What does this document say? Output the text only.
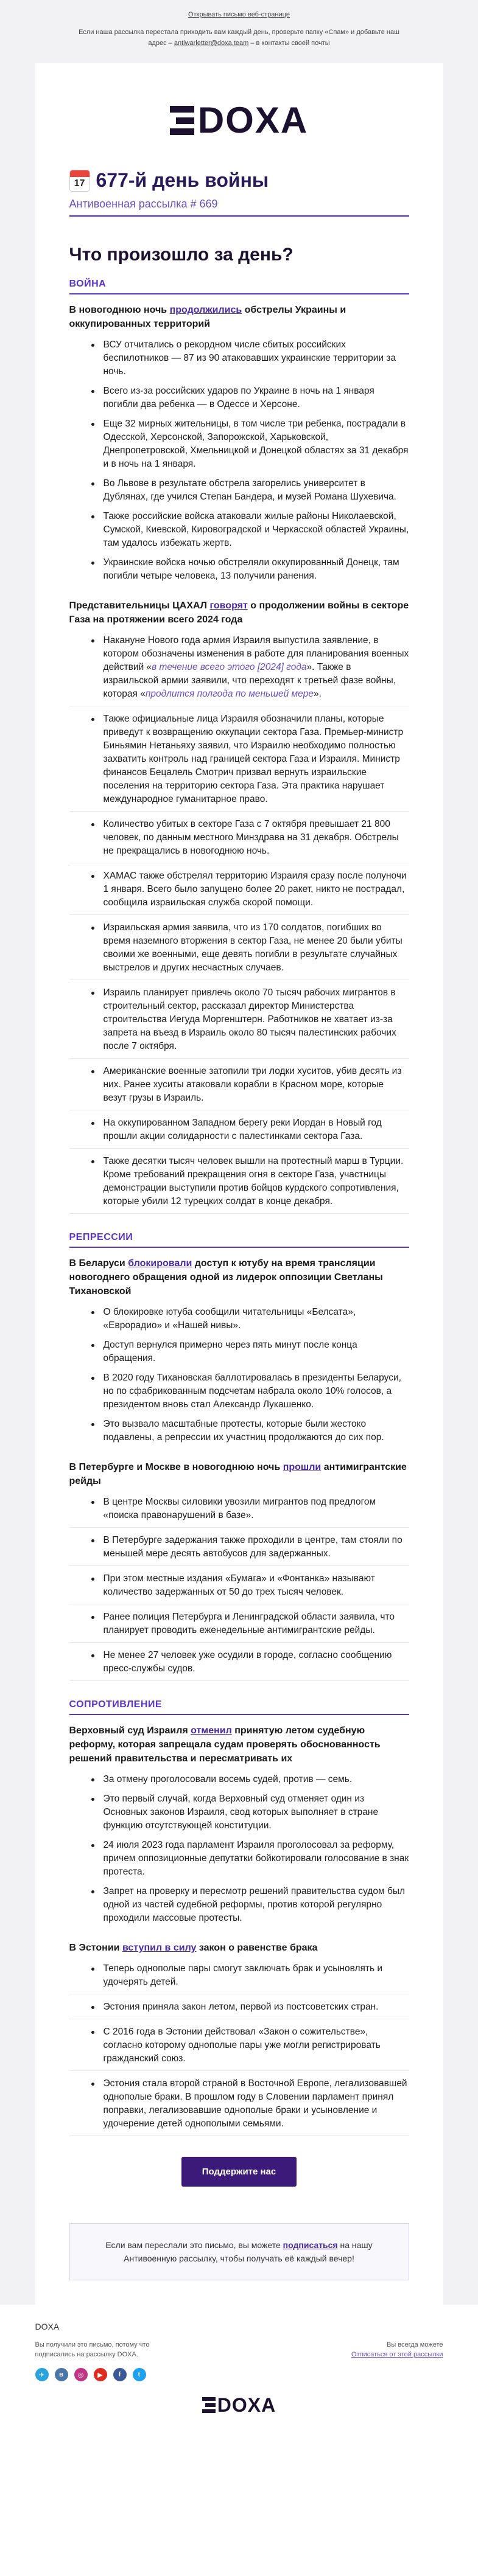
Открывать письмо веб-странице
Если наша рассылка перестала приходить вам каждый день, проверьте папку «Спам» и добавьте наш адрес – antiwarletter@doxa.team – в контакты своей почты
DOXA
17 677-й день войны
Антивоенная рассылка # 669
Что произошло за день?
ВОЙНА

В новогоднюю ночь продолжились обстрелы Украины и оккупированных территорий

ВСУ отчитались о рекордном числе сбитых российских беспилотников — 87 из 90 атаковавших украинские территории за ночь.
Всего из-за российских ударов по Украине в ночь на 1 января погибли два ребенка — в Одессе и Херсоне.
Еще 32 мирных жительницы, в том числе три ребенка, пострадали в Одесской, Херсонской, Запорожской, Харьковской, Днепропетровской, Хмельницкой и Донецкой областях за 31 декабря и в ночь на 1 января.
Во Львове в результате обстрела загорелись университет в Дублянах, где учился Степан Бандера, и музей Романа Шухевича.
Также российские войска атаковали жилые районы Николаевской, Сумской, Киевской, Кировоградской и Черкасской областей Украины, там удалось избежать жертв.
Украинские войска ночью обстреляли оккупированный Донецк, там погибли четыре человека, 13 получили ранения.

Представительницы ЦАХАЛ говорят о продолжении войны в секторе Газа на протяжении всего 2024 года

Накануне Нового года армия Израиля выпустила заявление, в котором обозначены изменения в работе для планирования военных действий «в течение всего этого [2024] года». Также в израильской армии заявили, что переходят к третьей фазе войны, которая «продлится полгода по меньшей мере».
Также официальные лица Израиля обозначили планы, которые приведут к возвращению оккупации сектора Газа. Премьер-министр Биньямин Нетаньяху заявил, что Израилю необходимо полностью захватить контроль над границей сектора Газа и Израиля. Министр финансов Бецалель Смотрич призвал вернуть израильские поселения на территорию сектора Газа. Эта практика нарушает международное гуманитарное право.
Количество убитых в секторе Газа с 7 октября превышает 21 800 человек, по данным местного Минздрава на 31 декабря. Обстрелы не прекращались в новогоднюю ночь.
ХАМАС также обстрелял территорию Израиля сразу после полуночи 1 января. Всего было запущено более 20 ракет, никто не пострадал, сообщила израильская служба скорой помощи.
Израильская армия заявила, что из 170 солдатов, погибших во время наземного вторжения в сектор Газа, не менее 20 были убиты своими же военными, еще девять погибли в результате случайных выстрелов и других несчастных случаев.
Израиль планирует привлечь около 70 тысяч рабочих мигрантов в строительный сектор, рассказал директор Министерства строительства Иегуда Моргенштерн. Работников не хватает из-за запрета на въезд в Израиль около 80 тысяч палестинских рабочих после 7 октября.
Американские военные затопили три лодки хуситов, убив десять из них. Ранее хуситы атаковали корабли в Красном море, которые везут грузы в Израиль.
На оккупированном Западном берегу реки Иордан в Новый год прошли акции солидарности с палестинками сектора Газа.
Также десятки тысяч человек вышли на протестный марш в Турции. Кроме требований прекращения огня в секторе Газа, участницы демонстрации выступили против бойцов курдского сопротивления, которые убили 12 турецких солдат в конце декабря.
РЕПРЕССИИ

В Беларуси блокировали доступ к ютубу на время трансляции новогоднего обращения одной из лидерок оппозиции Светланы Тихановской

О блокировке ютуба сообщили читательницы «Белсата», «Еврорадио» и «Нашей нивы».
Доступ вернулся примерно через пять минут после конца обращения.
В 2020 году Тихановская баллотировалась в президенты Беларуси, но по сфабрикованным подсчетам набрала около 10% голосов, а президентом вновь стал Александр Лукашенко.
Это вызвало масштабные протесты, которые были жестоко подавлены, а репрессии их участниц продолжаются до сих пор.

В Петербурге и Москве в новогоднюю ночь прошли антимигрантские рейды

В центре Москвы силовики увозили мигрантов под предлогом «поиска правонарушений в базе».
В Петербурге задержания также проходили в центре, там стояли по меньшей мере десять автобусов для задержанных.
При этом местные издания «Бумага» и «Фонтанка» называют количество задержанных от 50 до трех тысяч человек.
Ранее полиция Петербурга и Ленинградской области заявила, что планирует проводить еженедельные антимигрантские рейды.
Не менее 27 человек уже осудили в городе, согласно сообщению пресс-службы судов.
СОПРОТИВЛЕНИЕ

Верховный суд Израиля отменил принятую летом судебную реформу, которая запрещала судам проверять обоснованность решений правительства и пересматривать их

За отмену проголосовали восемь судей, против — семь.
Это первый случай, когда Верховный суд отменяет один из Основных законов Израиля, свод которых выполняет в стране функцию отсутствующей конституции.
24 июля 2023 года парламент Израиля проголосовал за реформу, причем оппозиционные депутатки бойкотировали голосование в знак протеста.
Запрет на проверку и пересмотр решений правительства судом был одной из частей судебной реформы, против которой регулярно проходили массовые протесты.

В Эстонии вступил в силу закон о равенстве брака

Теперь однополые пары смогут заключать брак и усыновлять и удочерять детей.
Эстония приняла закон летом, первой из постсоветских стран.
С 2016 года в Эстонии действовал «Закон о сожительстве», согласно которому однополые пары уже могли регистрировать гражданский союз.
Эстония стала второй страной в Восточной Европе, легализовавшей однополые браки. В прошлом году в Словении парламент принял поправки, легализовавшие однополые браки и усыновление и удочерение детей однополыми семьями.
Поддержите нас
Если вам переслали это письмо, вы можете подписаться на нашу Антивоенную рассылку, чтобы получать её каждый вечер!
DOXA
Вы получили это письмо, потому что подписались на рассылку DOXA.
Вы всегда можете
Отписаться от этой рассылки
✈	в	◎	▶	f	t
DOXA
